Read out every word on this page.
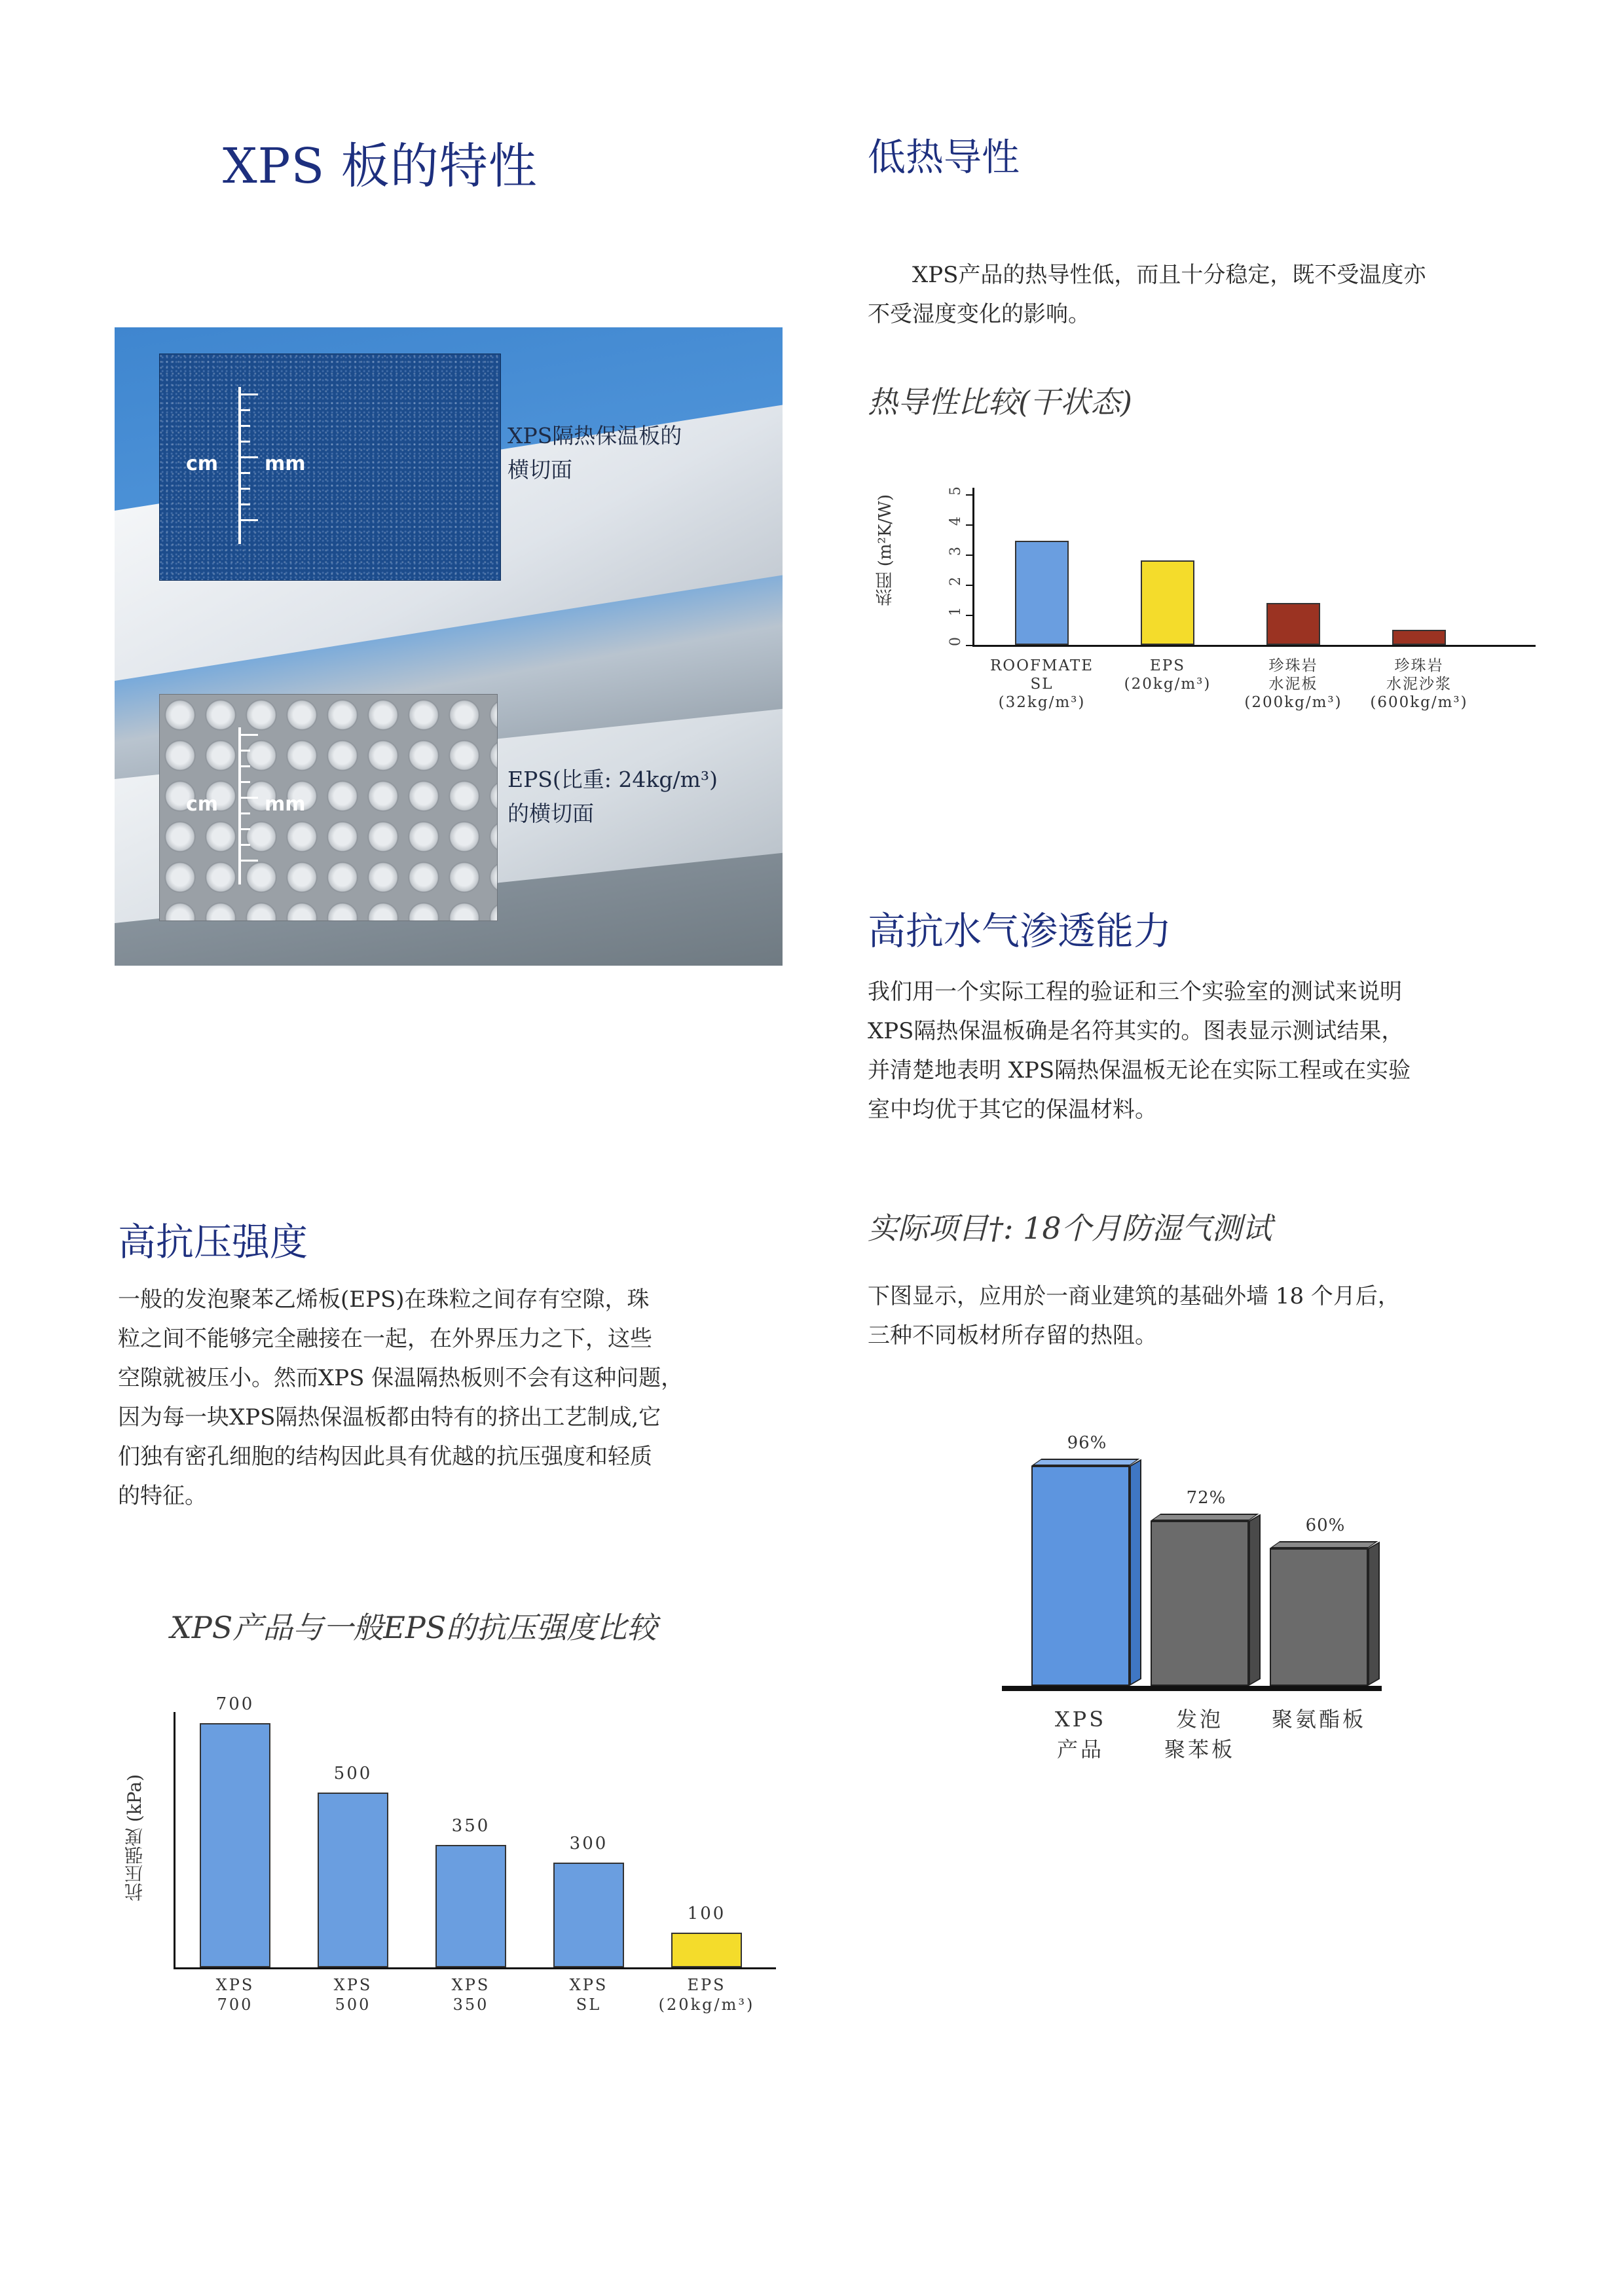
XPS 板的特性
cm mm
cm mm
XPS隔热保温板的
横切面
EPS(比重: 24kg/m³)
的横切面
高抗压强度
一般的发泡聚苯乙烯板(EPS)在珠粒之间存有空隙，珠
粒之间不能够完全融接在一起，在外界压力之下，这些
空隙就被压小。然而XPS 保温隔热板则不会有这种问题，
因为每一块XPS隔热保温板都由特有的挤出工艺制成,它
们独有密孔细胞的结构因此具有优越的抗压强度和轻质
的特征。
XPS产品与一般EPS的抗压强度比较
抗压强度 (kPa)
700
XPS
700
500
XPS
500
350
XPS
350
300
XPS
SL
100
EPS
(20kg/m³)
低热导性
XPS产品的热导性低，而且十分稳定，既不受温度亦
不受湿度变化的影响。
热导性比较(干状态)
热阻 (m²K/W)
0
1
2
3
4
5
ROOFMATE
SL
(32kg/m³)
EPS
(20kg/m³)
珍珠岩
水泥板
(200kg/m³)
珍珠岩
水泥沙浆
(600kg/m³)
高抗水气渗透能力
我们用一个实际工程的验证和三个实验室的测试来说明
XPS隔热保温板确是名符其实的。图表显示测试结果，
并清楚地表明 XPS隔热保温板无论在实际工程或在实验
室中均优于其它的保温材料。
实际项目†: 18个月防湿气测试
下图显示，应用於一商业建筑的基础外墙 18 个月后，
三种不同板材所存留的热阻。
96%
XPS
产品
72%
发泡
聚苯板
60%
聚氨酯板
